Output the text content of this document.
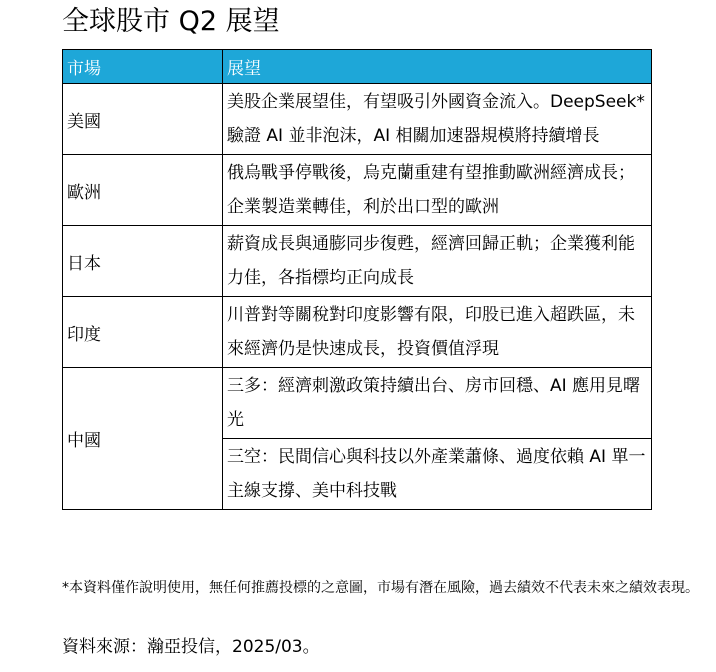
全球股市 Q2 展望
市場	展望
美國	美股企業展望佳，有望吸引外國資金流入。DeepSeek*驗證 AI 並非泡沫，AI 相關加速器規模將持續增長

歐洲	俄烏戰爭停戰後，烏克蘭重建有望推動歐洲經濟成長；企業製造業轉佳，利於出口型的歐洲

日本	薪資成長與通膨同步復甦，經濟回歸正軌；企業獲利能力佳，各指標均正向成長

印度	川普對等關稅對印度影響有限，印股已進入超跌區，未來經濟仍是快速成長，投資價值浮現

中國	三多：經濟刺激政策持續出台、房市回穩、AI 應用見曙光

	三空：民間信心與科技以外產業蕭條、過度依賴 AI 單一主線支撐、美中科技戰
*本資料僅作說明使用，無任何推薦投標的之意圖，市場有潛在風險，過去績效不代表未來之績效表現。
資料來源：瀚亞投信，2025/03。
